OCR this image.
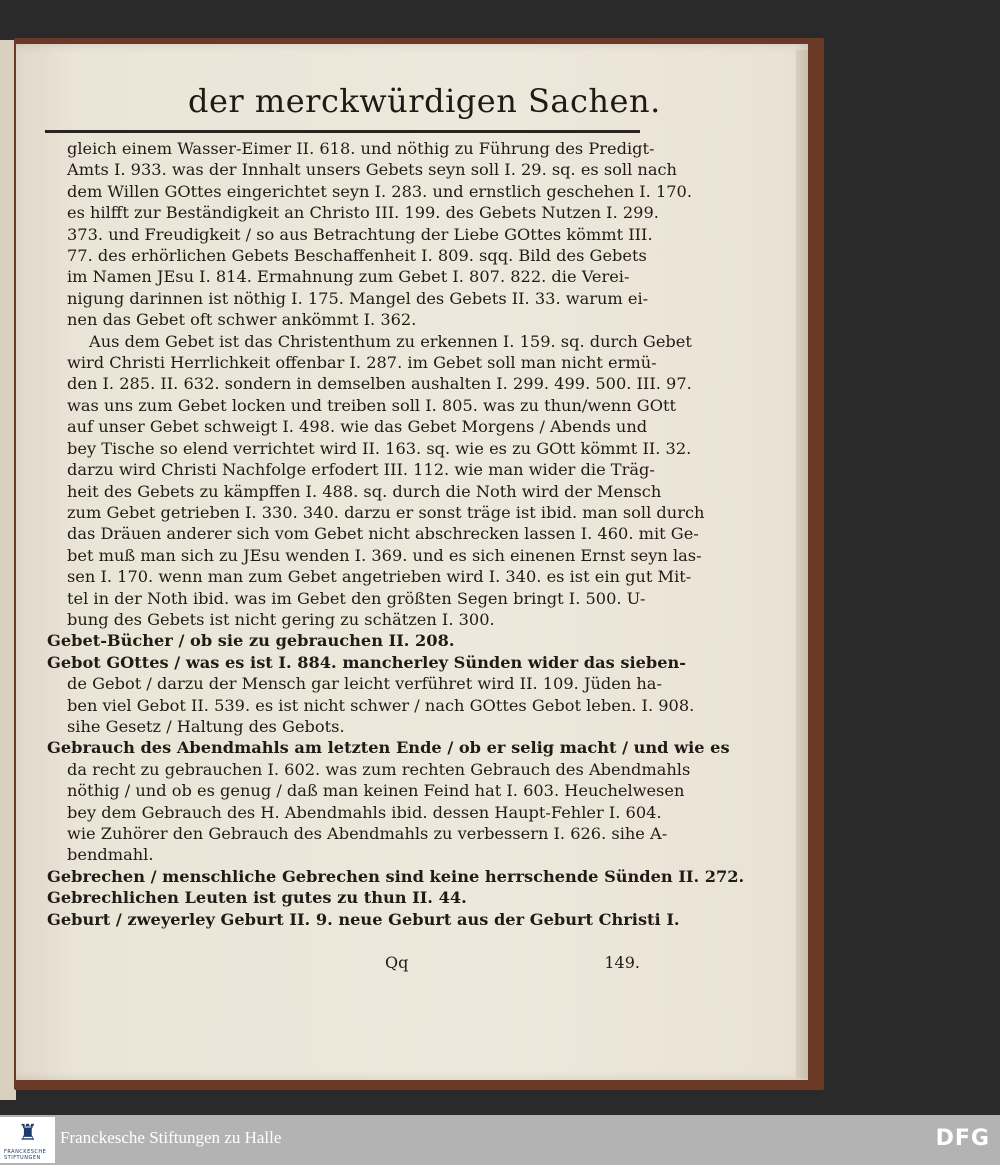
der merckwürdigen Sachen.
gleich einem Wasser-Eimer II. 618. und nöthig zu Führung des Predigt-
Amts I. 933. was der Innhalt unsers Gebets seyn soll I. 29. sq. es soll nach
dem Willen GOttes eingerichtet seyn I. 283. und ernstlich geschehen I. 170.
es hilfft zur Beständigkeit an Christo III. 199. des Gebets Nutzen I. 299.
373. und Freudigkeit / so aus Betrachtung der Liebe GOttes kömmt III.
77. des erhörlichen Gebets Beschaffenheit I. 809. sqq. Bild des Gebets
im Namen JEsu I. 814. Ermahnung zum Gebet I. 807. 822. die Verei-
nigung darinnen ist nöthig I. 175. Mangel des Gebets II. 33. warum ei-
nen das Gebet oft schwer ankömmt I. 362.
Aus dem Gebet ist das Christenthum zu erkennen I. 159. sq. durch Gebet
wird Christi Herrlichkeit offenbar I. 287. im Gebet soll man nicht ermü-
den I. 285. II. 632. sondern in demselben aushalten I. 299. 499. 500. III. 97.
was uns zum Gebet locken und treiben soll I. 805. was zu thun/wenn GOtt
auf unser Gebet schweigt I. 498. wie das Gebet Morgens / Abends und
bey Tische so elend verrichtet wird II. 163. sq. wie es zu GOtt kömmt II. 32.
darzu wird Christi Nachfolge erfodert III. 112. wie man wider die Träg-
heit des Gebets zu kämpffen I. 488. sq. durch die Noth wird der Mensch
zum Gebet getrieben I. 330. 340. darzu er sonst träge ist ibid. man soll durch
das Dräuen anderer sich vom Gebet nicht abschrecken lassen I. 460. mit Ge-
bet muß man sich zu JEsu wenden I. 369. und es sich einenen Ernst seyn las-
sen I. 170. wenn man zum Gebet angetrieben wird I. 340. es ist ein gut Mit-
tel in der Noth ibid. was im Gebet den größten Segen bringt I. 500. U-
bung des Gebets ist nicht gering zu schätzen I. 300.
Gebet-Bücher / ob sie zu gebrauchen II. 208.
Gebot GOttes / was es ist I. 884. mancherley Sünden wider das sieben-
de Gebot / darzu der Mensch gar leicht verführet wird II. 109. Jüden ha-
ben viel Gebot II. 539. es ist nicht schwer / nach GOttes Gebot leben. I. 908.
sihe Gesetz / Haltung des Gebots.
Gebrauch des Abendmahls am letzten Ende / ob er selig macht / und wie es
da recht zu gebrauchen I. 602. was zum rechten Gebrauch des Abendmahls
nöthig / und ob es genug / daß man keinen Feind hat I. 603. Heuchelwesen
bey dem Gebrauch des H. Abendmahls ibid. dessen Haupt-Fehler I. 604.
wie Zuhörer den Gebrauch des Abendmahls zu verbessern I. 626. sihe A-
bendmahl.
Gebrechen / menschliche Gebrechen sind keine herrschende Sünden II. 272.
Gebrechlichen Leuten ist gutes zu thun II. 44.
Geburt / zweyerley Geburt II. 9. neue Geburt aus der Geburt Christi I.
Qq	149.
♜
FRANCKESCHE STIFTUNGEN
Franckesche Stiftungen zu Halle	DFG
